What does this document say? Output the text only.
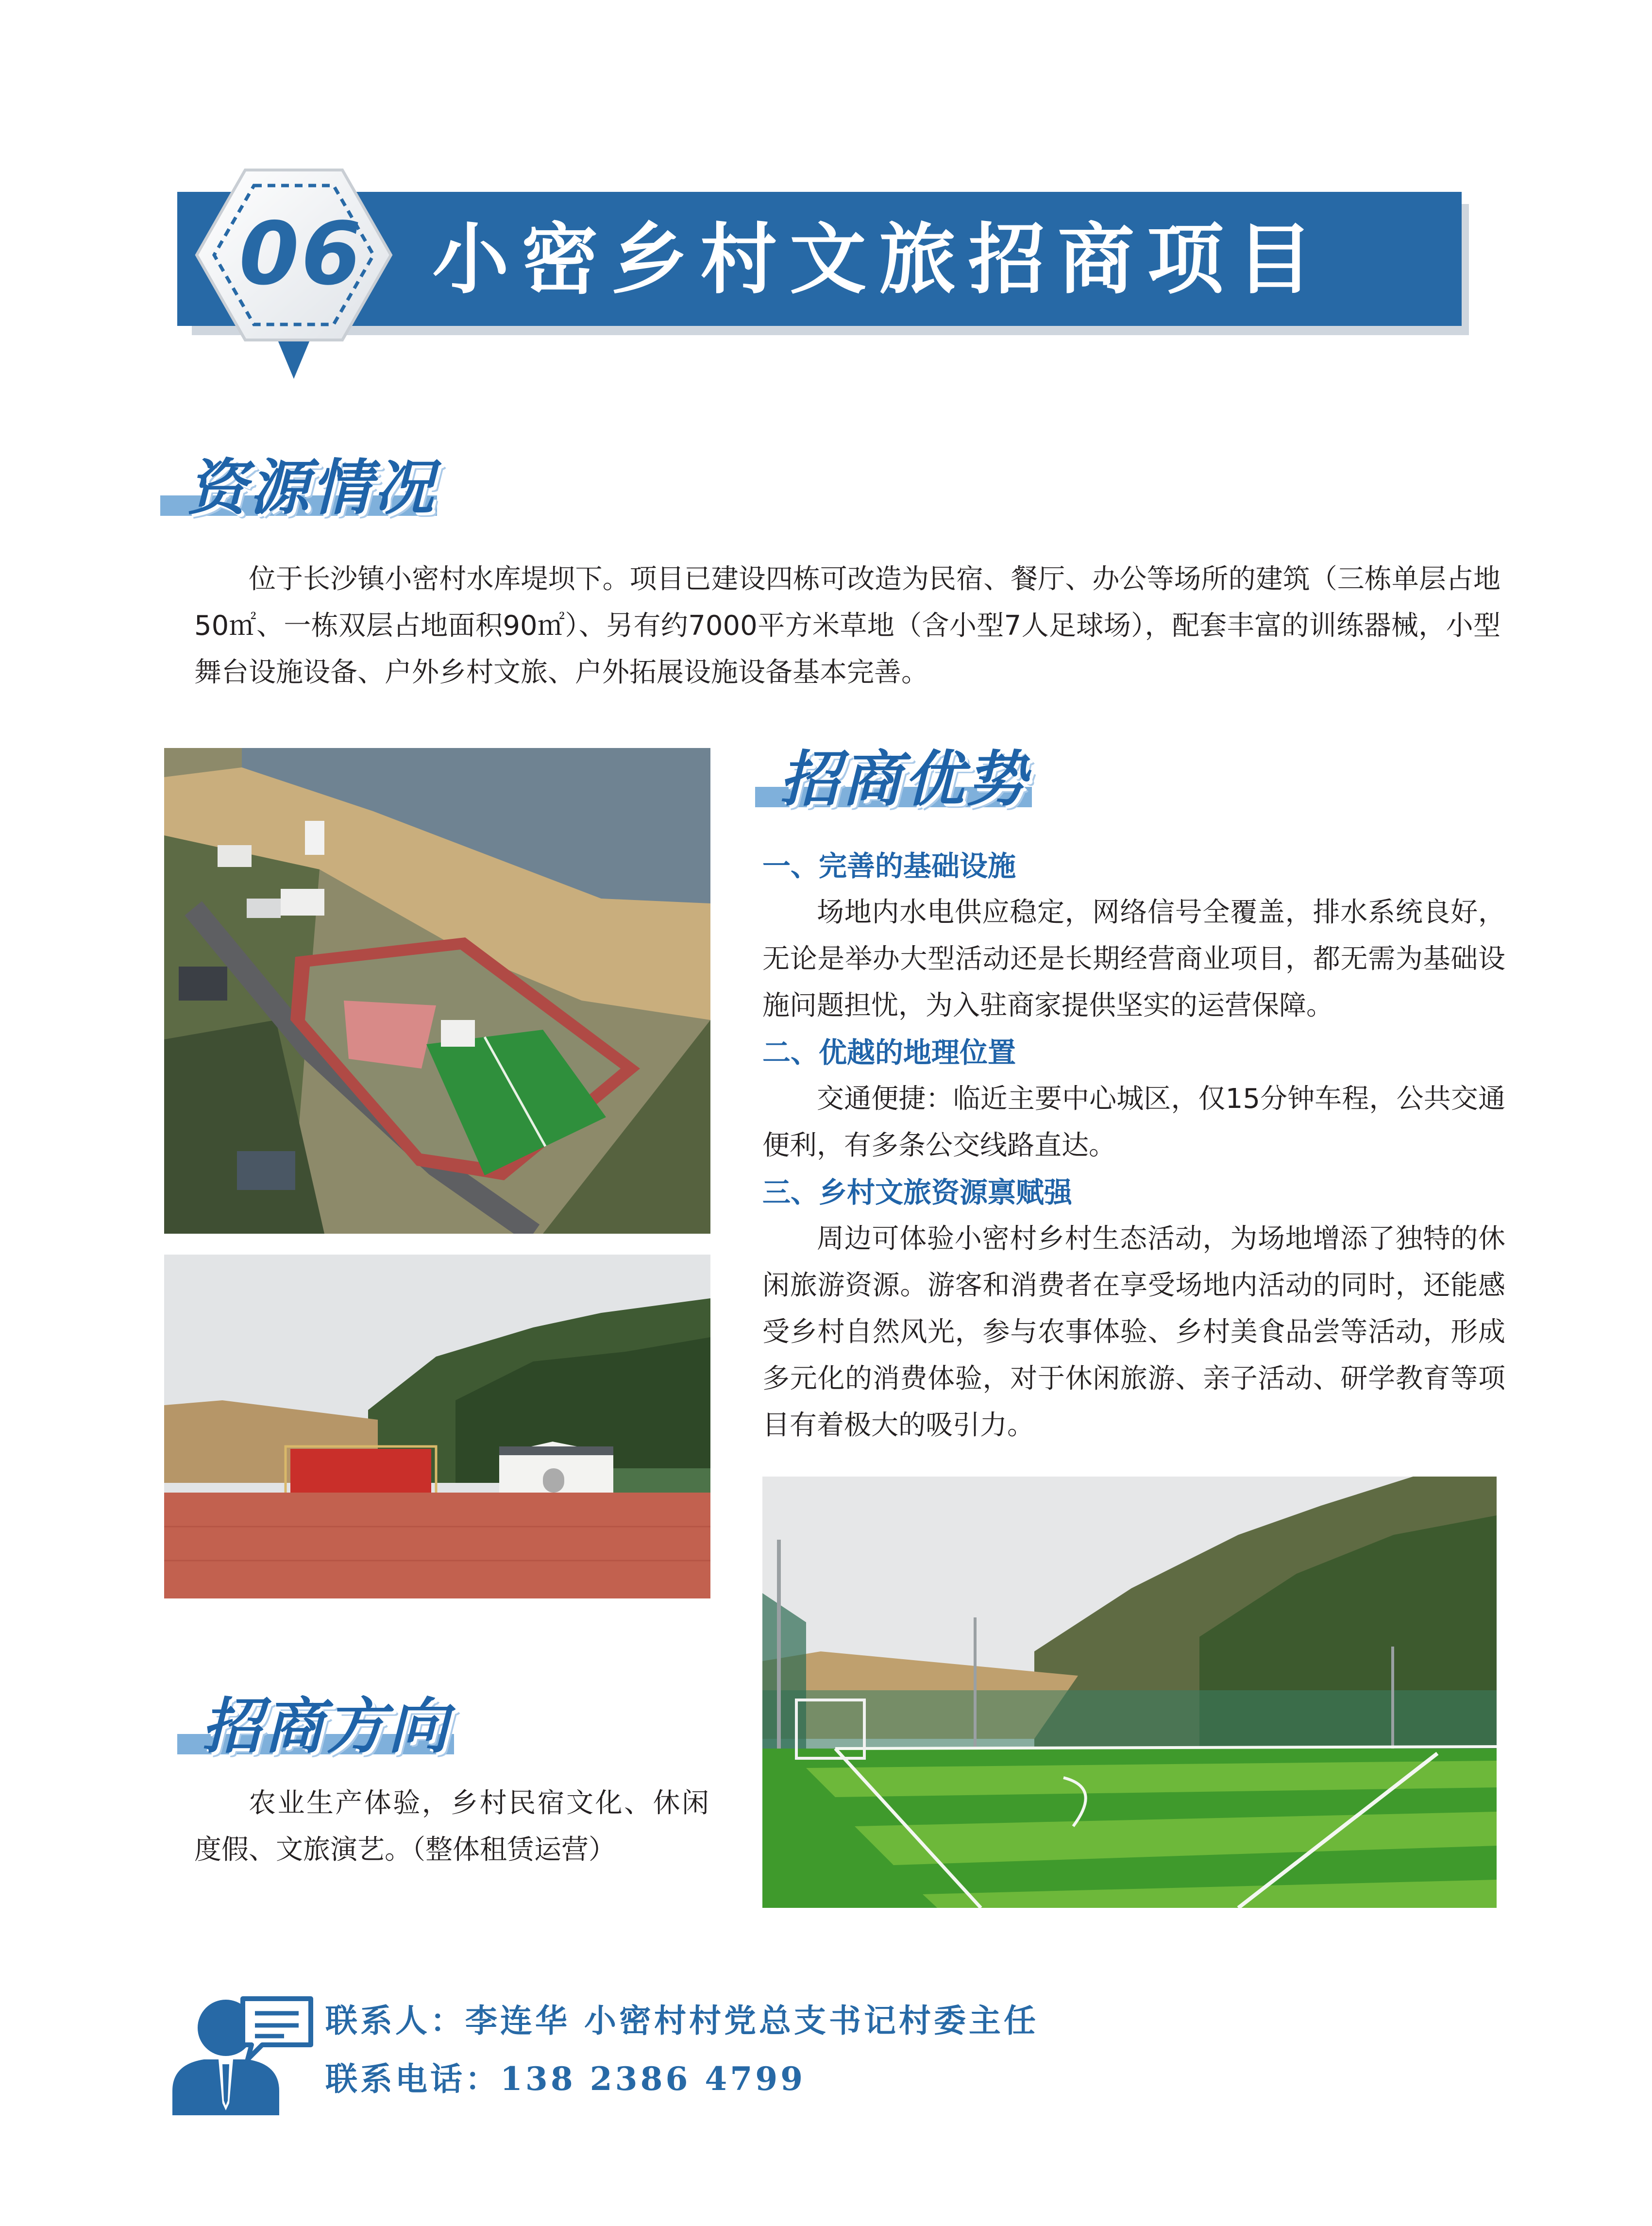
小密乡村文旅招商项目
06
资源情况

位于长沙镇小密村水库堤坝下。项目已建设四栋可改造为民宿、餐厅、办公等场所的建筑（三栋单层占地50㎡、一栋双层占地面积90㎡）、另有约7000平方米草地（含小型7人足球场），配套丰富的训练器械，小型舞台设施设备、户外乡村文旅、户外拓展设施设备基本完善。

招商优势
一、完善的基础设施

场地内水电供应稳定，网络信号全覆盖，排水系统良好，无论是举办大型活动还是长期经营商业项目，都无需为基础设施问题担忧，为入驻商家提供坚实的运营保障。

二、优越的地理位置

交通便捷：临近主要中心城区，仅15分钟车程，公共交通便利，有多条公交线路直达。

三、乡村文旅资源禀赋强

周边可体验小密村乡村生态活动，为场地增添了独特的休闲旅游资源。游客和消费者在享受场地内活动的同时，还能感受乡村自然风光，参与农事体验、乡村美食品尝等活动，形成多元化的消费体验，对于休闲旅游、亲子活动、研学教育等项目有着极大的吸引力。

招商方向

农业生产体验，乡村民宿文化、休闲度假、文旅演艺。（整体租赁运营）

联系人：李连华 小密村村党总支书记村委主任
联系电话：138 2386 4799
